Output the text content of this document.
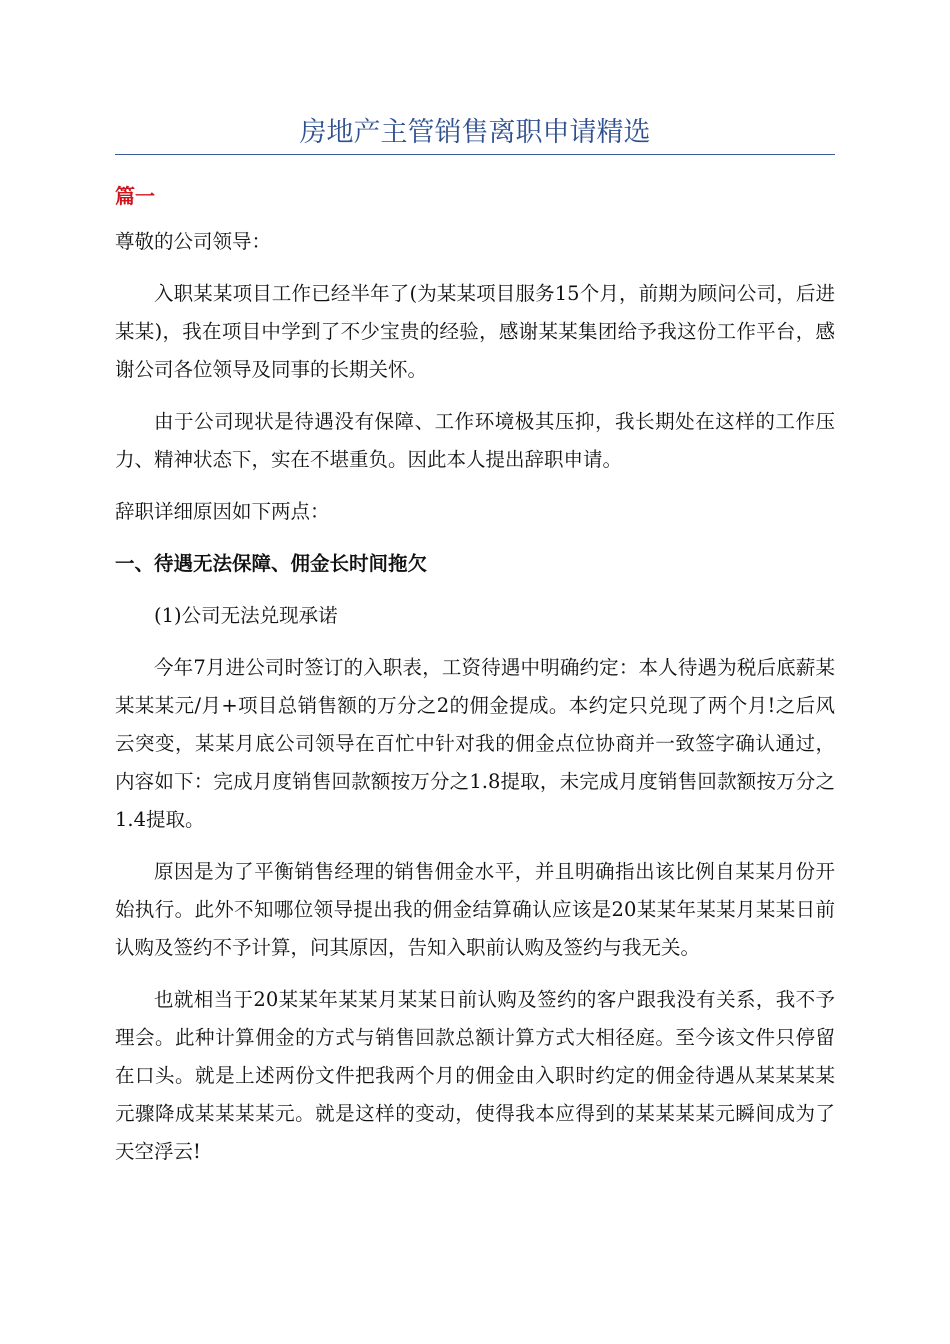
房地产主管销售离职申请精选
篇一

尊敬的公司领导：

入职某某项目工作已经半年了(为某某项目服务15个月，前期为顾问公司，后进某某)，我在项目中学到了不少宝贵的经验，感谢某某集团给予我这份工作平台，感谢公司各位领导及同事的长期关怀。

由于公司现状是待遇没有保障、工作环境极其压抑，我长期处在这样的工作压力、精神状态下，实在不堪重负。因此本人提出辞职申请。

辞职详细原因如下两点：

一、待遇无法保障、佣金长时间拖欠

(1)公司无法兑现承诺

今年7月进公司时签订的入职表，工资待遇中明确约定：本人待遇为税后底薪某某某某元/月+项目总销售额的万分之2的佣金提成。本约定只兑现了两个月!之后风云突变，某某月底公司领导在百忙中针对我的佣金点位协商并一致签字确认通过，内容如下：完成月度销售回款额按万分之1.8提取，未完成月度销售回款额按万分之1.4提取。

原因是为了平衡销售经理的销售佣金水平，并且明确指出该比例自某某月份开始执行。此外不知哪位领导提出我的佣金结算确认应该是20某某年某某月某某日前认购及签约不予计算，问其原因，告知入职前认购及签约与我无关。

也就相当于20某某年某某月某某日前认购及签约的客户跟我没有关系，我不予理会。此种计算佣金的方式与销售回款总额计算方式大相径庭。至今该文件只停留在口头。就是上述两份文件把我两个月的佣金由入职时约定的佣金待遇从某某某某元骤降成某某某某元。就是这样的变动，使得我本应得到的某某某某元瞬间成为了天空浮云!
